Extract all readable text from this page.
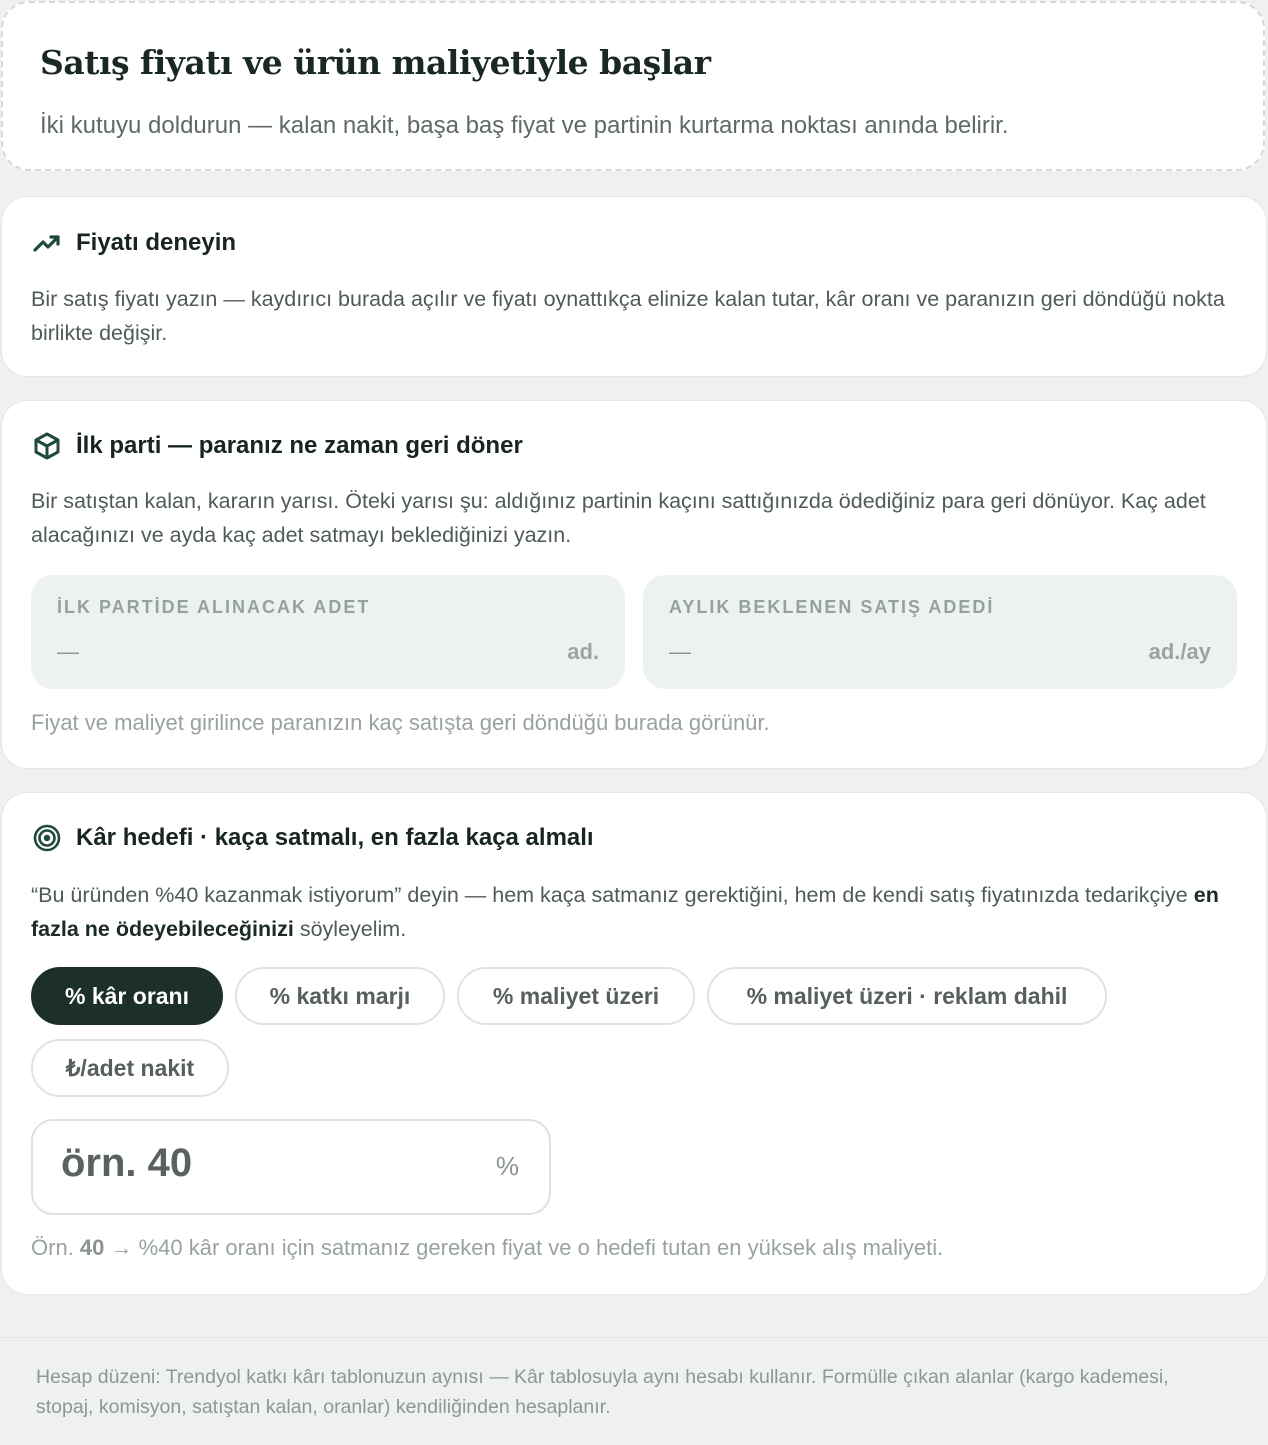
Satış fiyatı ve ürün maliyetiyle başlar

İki kutuyu doldurun — kalan nakit, başa baş fiyat ve partinin kurtarma noktası anında belirir.

Fiyatı deneyin

Bir satış fiyatı yazın — kaydırıcı burada açılır ve fiyatı oynattıkça elinize kalan tutar, kâr oranı ve paranızın geri döndüğü nokta birlikte değişir.

İlk parti — paranız ne zaman geri döner

Bir satıştan kalan, kararın yarısı. Öteki yarısı şu: aldığınız partinin kaçını sattığınızda ödediğiniz para geri dönüyor. Kaç adet alacağınızı ve ayda kaç adet satmayı beklediğinizi yazın.

İLK PARTİDE ALINACAK ADET
—	ad.
AYLIK BEKLENEN SATIŞ ADEDİ
—	ad./ay

Fiyat ve maliyet girilince paranızın kaç satışta geri döndüğü burada görünür.

Kâr hedefi · kaça satmalı, en fazla kaça almalı

“Bu üründen %40 kazanmak istiyorum” deyin — hem kaça satmanız gerektiğini, hem de kendi satış fiyatınızda tedarikçiye en fazla ne ödeyebileceğinizi söyleyelim.

% kâr oranı	% katkı marjı	% maliyet üzeri	% maliyet üzeri · reklam dahil
₺/adet nakit
örn. 40	%

Örn. 40 → %40 kâr oranı için satmanız gereken fiyat ve o hedefi tutan en yüksek alış maliyeti.

Hesap düzeni: Trendyol katkı kârı tablonuzun aynısı — Kâr tablosuyla aynı hesabı kullanır. Formülle çıkan alanlar (kargo kademesi, stopaj, komisyon, satıştan kalan, oranlar) kendiliğinden hesaplanır.
